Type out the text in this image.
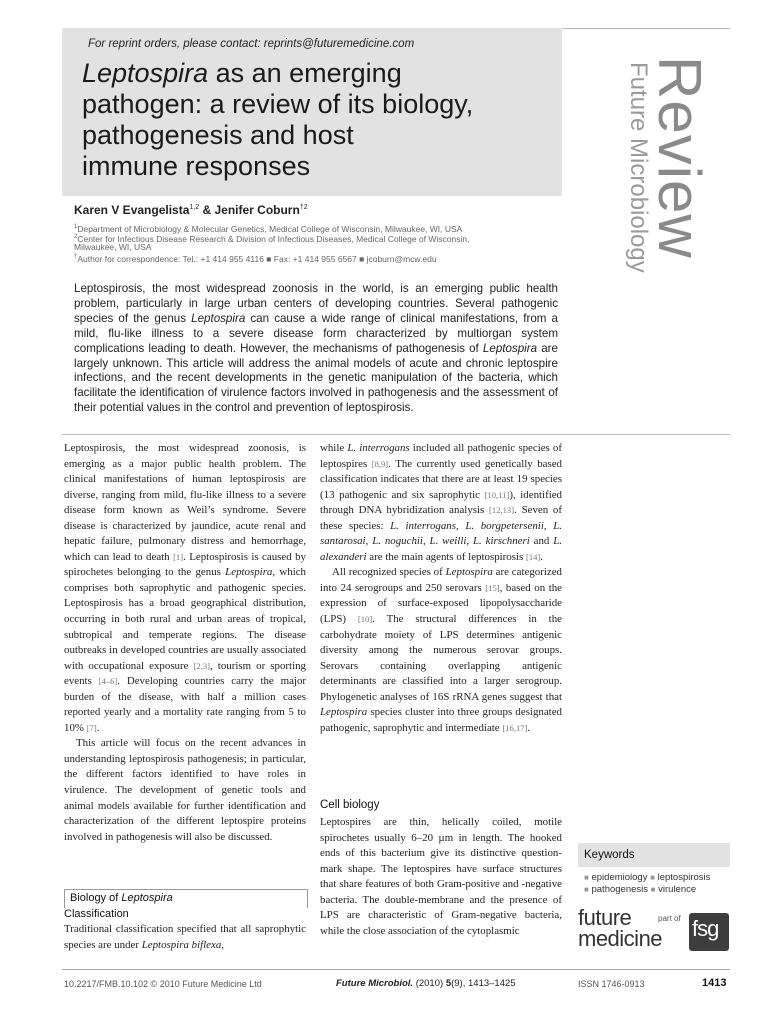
For reprint orders, please contact: reprints@futuremedicine.com
Leptospira as an emerging
pathogen: a review of its biology,
pathogenesis and host
immune responses	Review
Future Microbiology
Karen V Evangelista$^{1,2}$ & Jenifer Coburn$^{\dagger 2}$
$^1$Department of Microbiology & Molecular Genetics, Medical College of Wisconsin, Milwaukee, WI, USA
$^2$Center for Infectious Disease Research & Division of Infectious Diseases, Medical College of Wisconsin,
Milwaukee, WI, USA
†Author for correspondence: Tel.: +1 414 955 4116 ■ Fax: +1 414 955 6567 ■ jcoburn@mcw.edu

Leptospirosis, the most widespread zoonosis in the world, is an emerging public health problem, particularly in large urban centers of developing countries. Several pathogenic species of the genus Leptospira can cause a wide range of clinical manifestations, from a mild, flu-like illness to a severe disease form characterized by multiorgan system complications leading to death. However, the mechanisms of pathogenesis of Leptospira are largely unknown. This article will address the animal models of acute and chronic leptospire infections, and the recent developments in the genetic manipulation of the bacteria, which facilitate the identification of virulence factors involved in pathogenesis and the assessment of their potential values in the control and prevention of leptospirosis.

Leptospirosis, the most widespread zoonosis, is emerging as a major public health problem. The clinical manifestations of human leptospirosis are diverse, ranging from mild, flu-like illness to a severe disease form known as Weil’s syndrome. Severe disease is characterized by jaundice, acute renal and hepatic failure, pulmonary distress and hemorrhage, which can lead to death [1]. Leptospirosis is caused by spirochetes belonging to the genus Leptospira, which comprises both saprophytic and pathogenic species. Leptospirosis has a broad geographical distribution, occurring in both rural and urban areas of tropical, subtropical and temperate regions. The disease outbreaks in developed countries are usually associated with occupational exposure [2,3], tourism or sporting events [4–6]. Developing countries carry the major burden of the disease, with half a million cases reported yearly and a mortality rate ranging from 5 to 10% [7].

This article will focus on the recent advances in understanding leptospirosis pathogenesis; in particular, the different factors identified to have roles in virulence. The development of genetic tools and animal models available for further identification and characterization of the different leptospire proteins involved in pathogenesis will also be discussed.

Biology of Leptospira
Classification

Traditional classification specified that all saprophytic species are under Leptospira biflexa,

while L. interrogans included all pathogenic species of leptospires [8,9]. The currently used genetically based classification indicates that there are at least 19 species (13 pathogenic and six saprophytic [10,11]), identified through DNA hybridization analysis [12,13]. Seven of these species: L. interrogans, L. borgpetersenii, L. santarosai, L. noguchii, L. weilli, L. kirschneri and L. alexanderi are the main agents of leptospirosis [14].

All recognized species of Leptospira are categorized into 24 serogroups and 250 serovars [15], based on the expression of surface-exposed lipopolysaccharide (LPS) [10]. The structural differences in the carbohydrate moiety of LPS determines antigenic diversity among the numerous serovar groups. Serovars containing overlapping antigenic determinants are classified into a larger serogroup. Phylogenetic analyses of 16S rRNA genes suggest that Leptospira species cluster into three groups designated pathogenic, saprophytic and intermediate [16,17].

Cell biology

Leptospires are thin, helically coiled, motile spirochetes usually 6–20 µm in length. The hooked ends of this bacterium give its distinctive question-mark shape. The leptospires have surface structures that share features of both Gram-positive and -negative bacteria. The double-membrane and the presence of LPS are characteristic of Gram-negative bacteria, while the close association of the cytoplasmic

Keywords
■ epidemiology ■ leptospirosis
■ pathogenesis ■ virulence
future
medicine
part of fsg
10.2217/FMB.10.102 © 2010 Future Medicine Ltd	Future Microbiol. (2010) 5(9), 1413–1425	ISSN 1746-0913	1413
